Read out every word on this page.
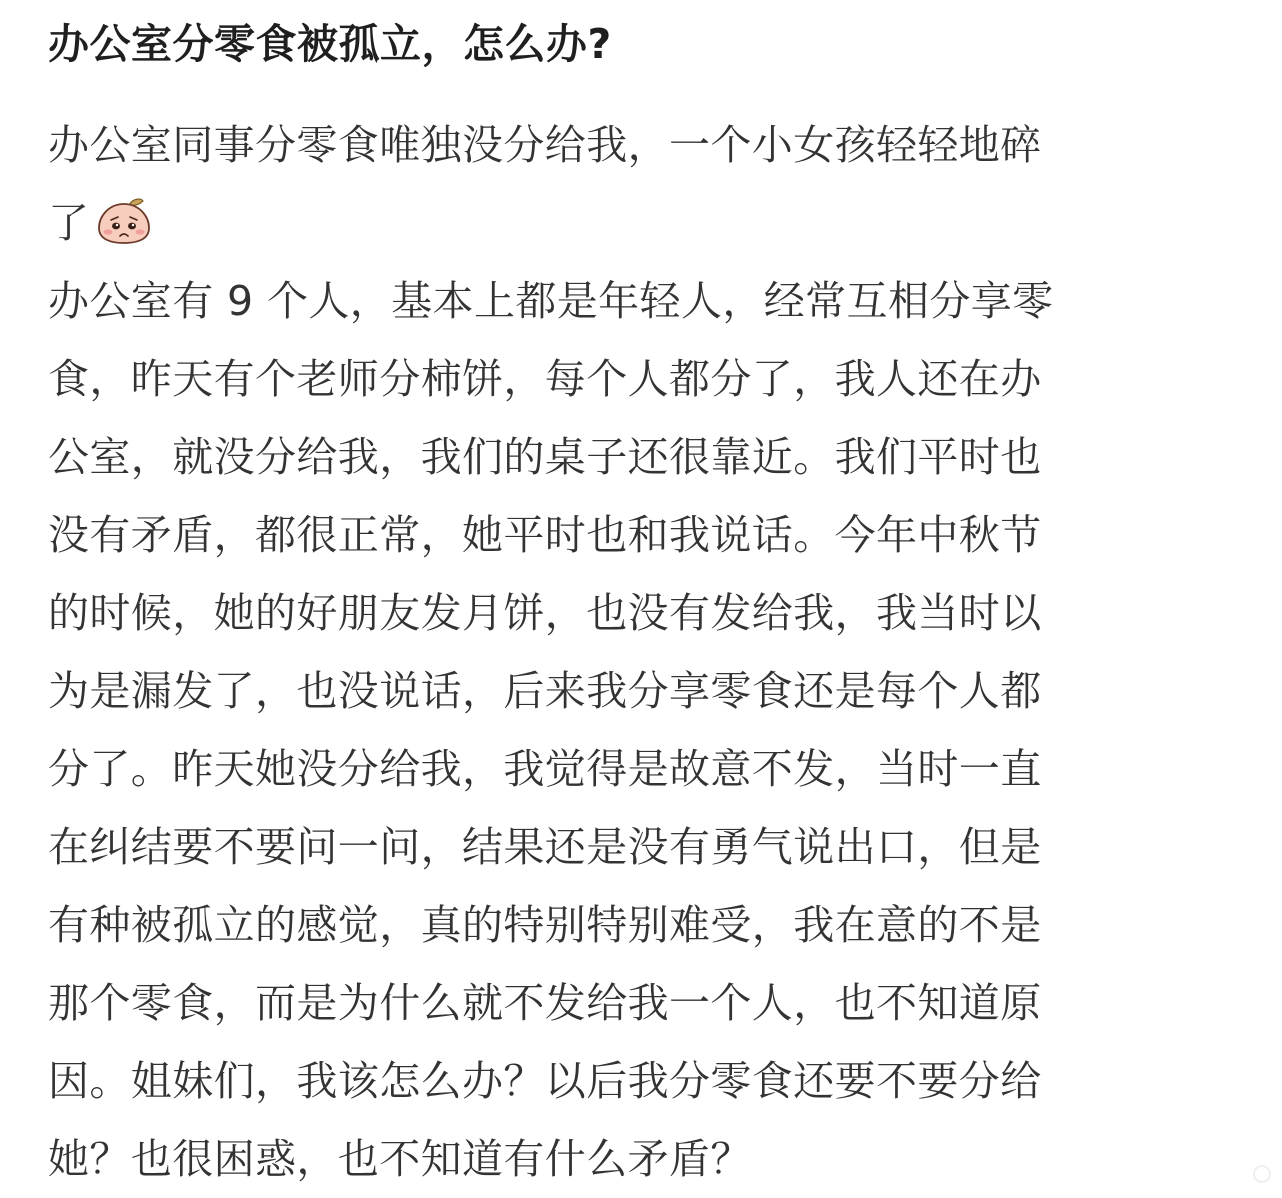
办公室分零食被孤立，怎么办?
办公室同事分零食唯独没分给我，一个小女孩轻轻地碎
了
办公室有 9 个人，基本上都是年轻人，经常互相分享零
食，昨天有个老师分柿饼，每个人都分了，我人还在办
公室，就没分给我，我们的桌子还很靠近。我们平时也
没有矛盾，都很正常，她平时也和我说话。今年中秋节
的时候，她的好朋友发月饼，也没有发给我，我当时以
为是漏发了，也没说话，后来我分享零食还是每个人都
分了。昨天她没分给我，我觉得是故意不发，当时一直
在纠结要不要问一问，结果还是没有勇气说出口，但是
有种被孤立的感觉，真的特别特别难受，我在意的不是
那个零食，而是为什么就不发给我一个人，也不知道原
因。姐妹们，我该怎么办？以后我分零食还要不要分给
她？也很困惑，也不知道有什么矛盾？
